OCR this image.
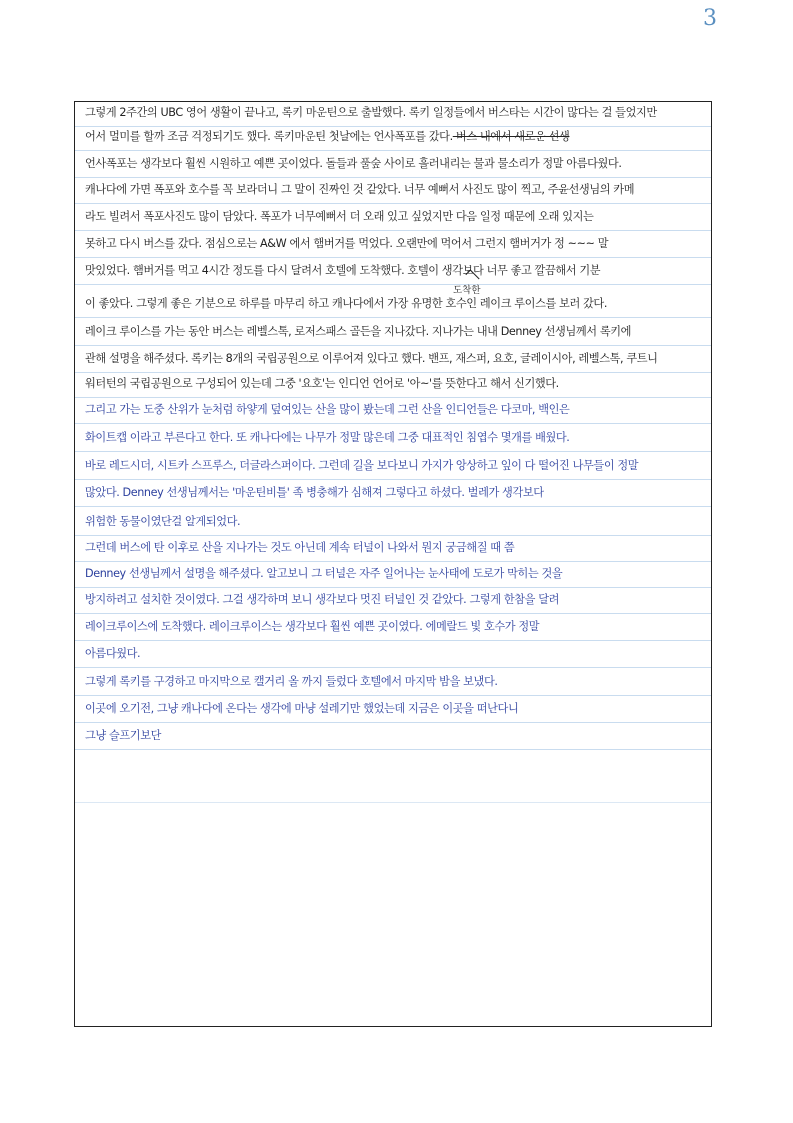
3
그렇게 2주간의 UBC 영어 생활이 끝나고, 록키 마운틴으로 출발했다. 록키 일정들에서 버스타는 시간이 많다는 걸 들었지만
어서 멀미를 할까 조금 걱정되기도 했다. 록키마운틴 첫날에는 언사폭포를 갔다. 버스 내에서 새로운 선생
언사폭포는 생각보다 훨씬 시원하고 예쁜 곳이었다. 돌들과 풀숲 사이로 흘러내리는 물과 물소리가 정말 아름다웠다.
캐나다에 가면 폭포와 호수를 꼭 보라더니 그 말이 진짜인 것 같았다. 너무 예뻐서 사진도 많이 찍고, 주윤선생님의 카메
라도 빌려서 폭포사진도 많이 담았다. 폭포가 너무예뻐서 더 오래 있고 싶었지만 다음 일정 때문에 오래 있지는
못하고 다시 버스를 갔다. 점심으로는 A&W 에서 햄버거를 먹었다. 오랜만에 먹어서 그런지 햄버거가 정 ~~~ 말
맛있었다. 햄버거를 먹고 4시간 정도를 다시 달려서 호텔에 도착했다. 호텔이 생각보다 너무 좋고 깔끔해서 기분
이 좋았다. 그렇게 좋은 기분으로 하루를 마무리 하고 캐나다에서 가장 유명한 호수인 레이크 루이스를 보러 갔다.
레이크 루이스를 가는 동안 버스는 레벨스톡, 로저스패스 골든을 지나갔다. 지나가는 내내 Denney 선생님께서 록키에
관해 설명을 해주셨다. 록키는 8개의 국립공원으로 이루어져 있다고 했다. 밴프, 재스퍼, 요호, 글레이시아, 레벨스톡, 쿠트니
워터턴의 국립공원으로 구성되어 있는데 그중 '요호'는 인디언 언어로 '아~'를 뜻한다고 해서 신기했다.
그리고 가는 도중 산위가 눈처럼 하얗게 덮여있는 산을 많이 봤는데 그런 산을 인디언들은 다코마, 백인은
화이트캡 이라고 부른다고 한다. 또 캐나다에는 나무가 정말 많은데 그중 대표적인 침엽수 몇개를 배웠다.
바로 레드시더, 시트카 스프루스, 더글라스퍼이다. 그런데 길을 보다보니 가지가 앙상하고 잎이 다 떨어진 나무들이 정말
많았다. Denney 선생님께서는 '마운틴비틀' 족 병충해가 심해져 그렇다고 하셨다. 벌레가 생각보다
위험한 동물이였단걸 알게되었다.
그런데 버스에 탄 이후로 산을 지나가는 것도 아닌데 계속 터널이 나와서 뭔지 궁금해질 때 쯤
Denney 선생님께서 설명을 해주셨다. 알고보니 그 터널은 자주 일어나는 눈사태에 도로가 막히는 것을
방지하려고 설치한 것이였다. 그걸 생각하며 보니 생각보다 멋진 터널인 것 같았다. 그렇게 한참을 달려
레이크루이스에 도착했다. 레이크루이스는 생각보다 훨씬 예쁜 곳이였다. 에메랄드 빛 호수가 정말
아름다웠다.
그렇게 록키를 구경하고 마지막으로 캘거리 올 까지 들렀다 호텔에서 마지막 밤을 보냈다.
이곳에 오기전, 그냥 캐나다에 온다는 생각에 마냥 설레기만 했었는데 지금은 이곳을 떠난다니
그냥 슬프기보단
도착한
